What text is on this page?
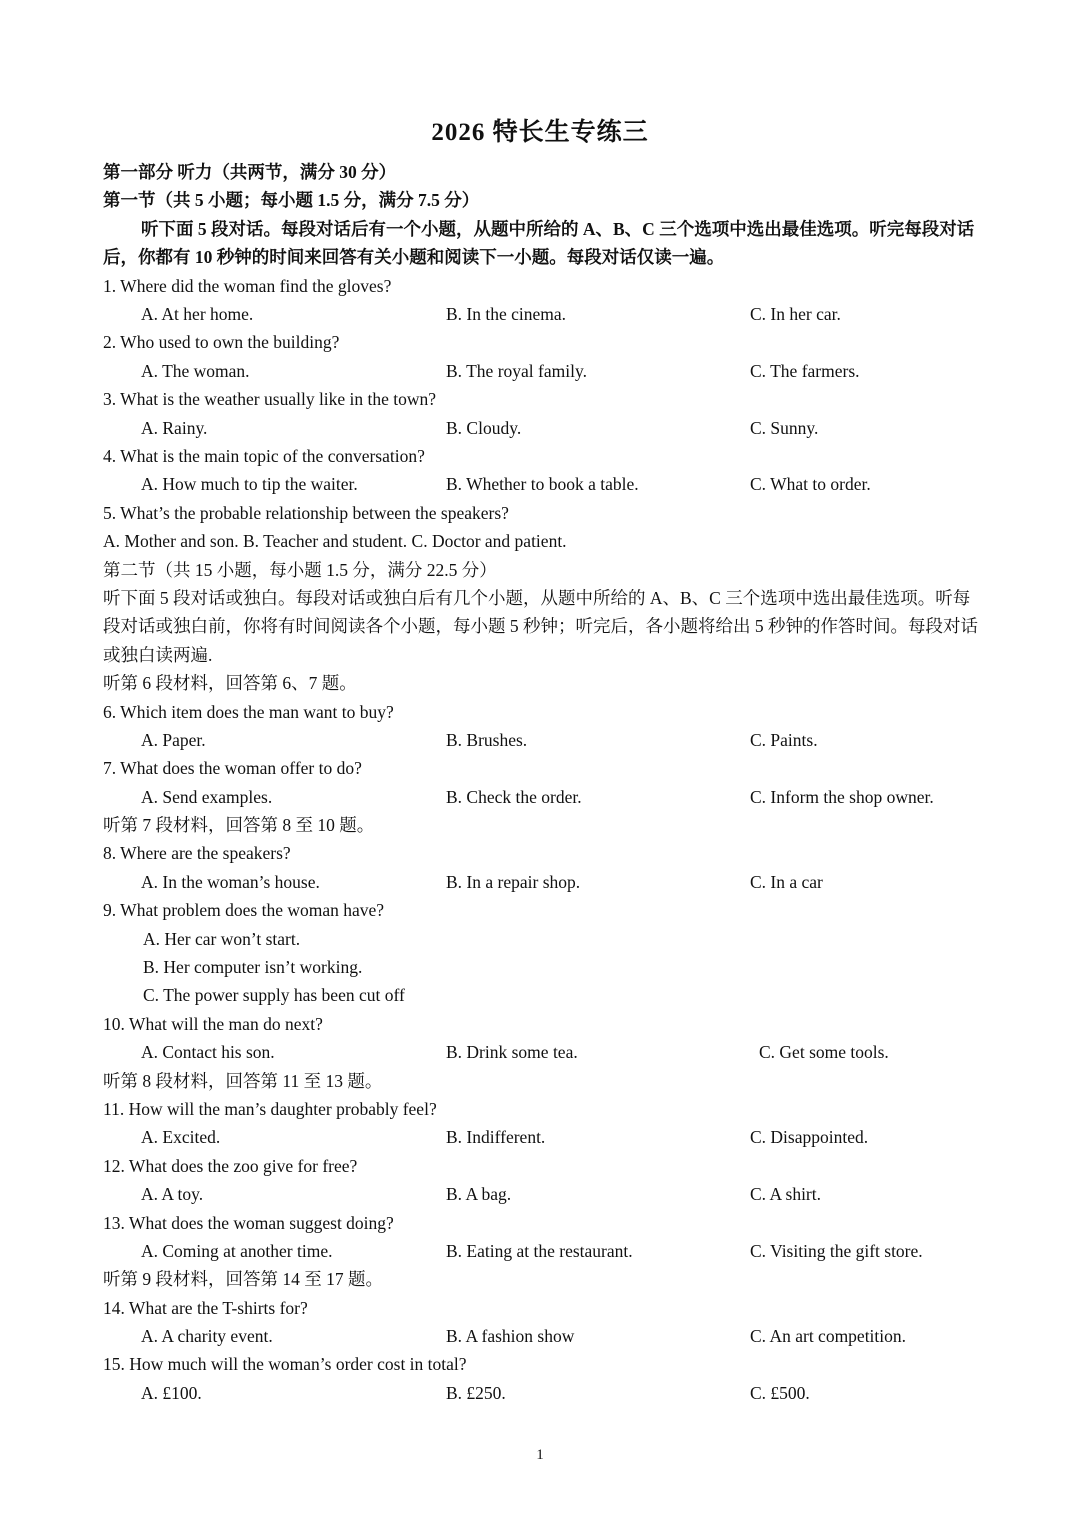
2026 特长生专练三
第一部分 听力（共两节，满分 30 分）
第一节（共 5 小题；每小题 1.5 分，满分 7.5 分）
听下面 5 段对话。每段对话后有一个小题，从题中所给的 A、B、C 三个选项中选出最佳选项。听完每段对话后，你都有 10 秒钟的时间来回答有关小题和阅读下一小题。每段对话仅读一遍。
1. Where did the woman find the gloves?
A. At her home.	B. In the cinema.	C. In her car.
2. Who used to own the building?
A. The woman.	B. The royal family.	C. The farmers.
3. What is the weather usually like in the town?
A. Rainy.	B. Cloudy.	C. Sunny.
4. What is the main topic of the conversation?
A. How much to tip the waiter.	B. Whether to book a table.	C. What to order.
5. What’s the probable relationship between the speakers?
A. Mother and son. B. Teacher and student. C. Doctor and patient.
第二节（共 15 小题，每小题 1.5 分，满分 22.5 分）
听下面 5 段对话或独白。每段对话或独白后有几个小题，从题中所给的 A、B、C 三个选项中选出最佳选项。听每段对话或独白前，你将有时间阅读各个小题，每小题 5 秒钟；听完后，各小题将给出 5 秒钟的作答时间。每段对话或独白读两遍.
听第 6 段材料，回答第 6、7 题。
6. Which item does the man want to buy?
A. Paper.	B. Brushes.	C. Paints.
7. What does the woman offer to do?
A. Send examples.	B. Check the order.	C. Inform the shop owner.
听第 7 段材料，回答第 8 至 10 题。
8. Where are the speakers?
A. In the woman’s house.	B. In a repair shop.	C. In a car
9. What problem does the woman have?
A. Her car won’t start.
B. Her computer isn’t working.
C. The power supply has been cut off
10. What will the man do next?
A. Contact his son.	B. Drink some tea.	C. Get some tools.
听第 8 段材料，回答第 11 至 13 题。
11. How will the man’s daughter probably feel?
A. Excited.	B. Indifferent.	C. Disappointed.
12. What does the zoo give for free?
A. A toy.	B. A bag.	C. A shirt.
13. What does the woman suggest doing?
A. Coming at another time.	B. Eating at the restaurant.	C. Visiting the gift store.
听第 9 段材料，回答第 14 至 17 题。
14. What are the T-shirts for?
A. A charity event.	B. A fashion show	C. An art competition.
15. How much will the woman’s order cost in total?
A. £100.	B. £250.	C. £500.
1
